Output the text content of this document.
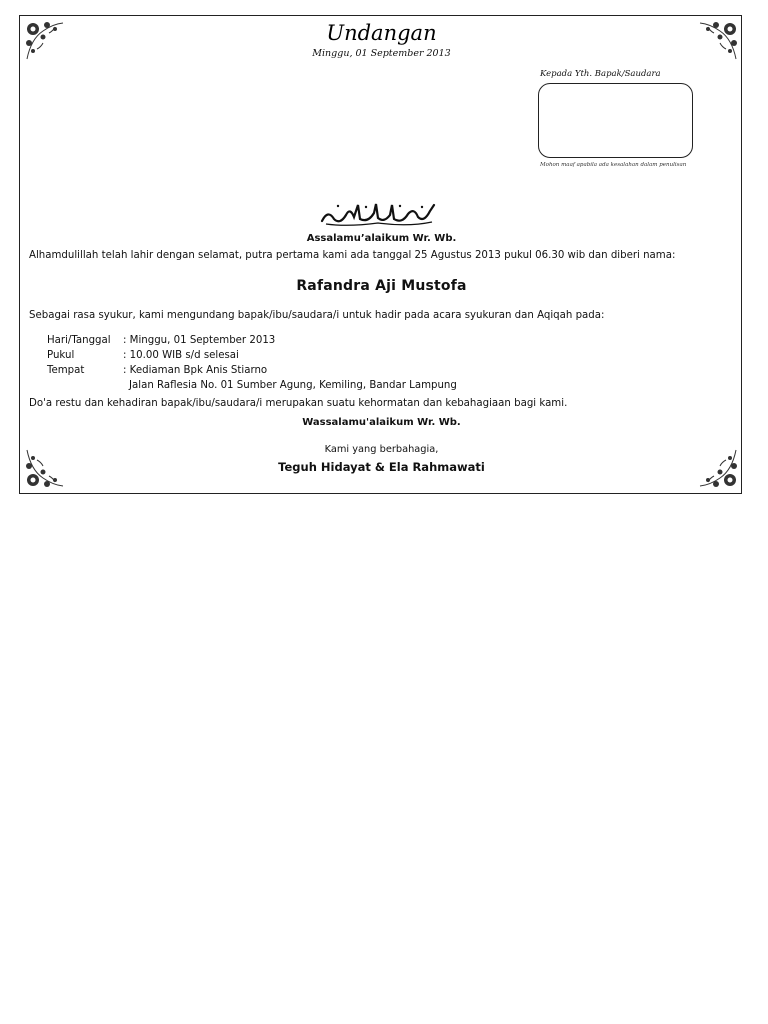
Undangan
Minggu, 01 September 2013
Kepada Yth. Bapak/Saudara
Mohon maaf apabila ada kesalahan dalam penulisan
Assalamu’alaikum Wr. Wb.
Alhamdulillah telah lahir dengan selamat, putra pertama kami ada tanggal 25 Agustus 2013 pukul 06.30 wib dan diberi nama:
Rafandra Aji Mustofa
Sebagai rasa syukur, kami mengundang bapak/ibu/saudara/i untuk hadir pada acara syukuran dan Aqiqah pada:
Hari/Tanggal	: Minggu, 01 September 2013
Pukul	: 10.00 WIB s/d selesai
Tempat	: Kediaman Bpk Anis Stiarno
Jalan Raflesia No. 01 Sumber Agung, Kemiling, Bandar Lampung
Do'a restu dan kehadiran bapak/ibu/saudara/i merupakan suatu kehormatan dan kebahagiaan bagi kami.
Wassalamu'alaikum Wr. Wb.
Kami yang berbahagia,
Teguh Hidayat & Ela Rahmawati
